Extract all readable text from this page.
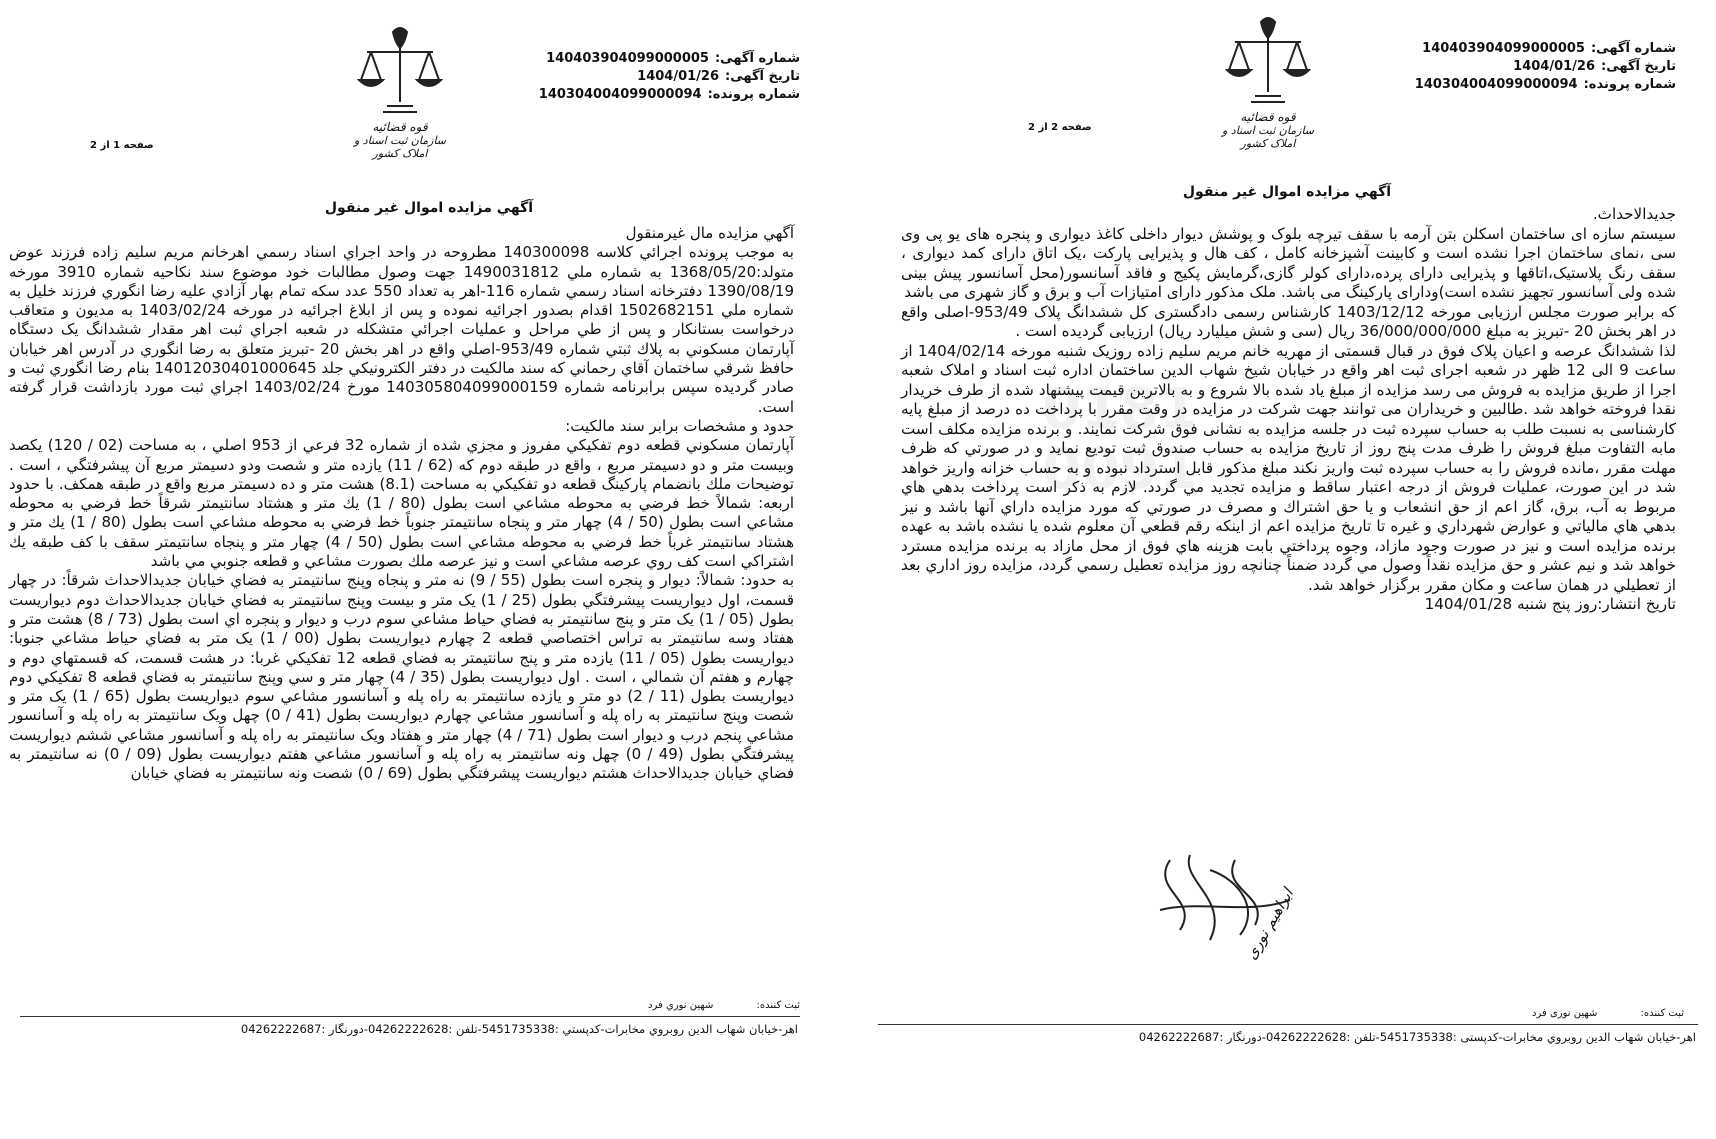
0181
0091
شماره آگهی:140403904099000005
تاریخ آگهی:1404/01/26
شماره پرونده:140304004099000094
قوه قضائیه
سازمان ثبت اسناد و املاک کشور
صفحه 2 از 2
آگهي مزايده اموال غير منقول

جدیدالاحداث.

سیستم سازه ای ساختمان اسکلن بتن آرمه با سقف تیرچه بلوک و پوشش دیوار داخلی کاغذ دیواری و پنجره های یو پی وی سی ،نمای ساختمان اجرا نشده است و کابینت آشپزخانه کامل ، کف هال و پذیرایی پارکت ،یک اتاق دارای کمد دیواری ، سقف رنگ پلاستیک،اتاقها و پذیرایی دارای پرده،دارای کولر گازی،گرمایش پکیج و فاقد آسانسور(محل آسانسور پیش بینی شده ولی آسانسور تجهیز نشده است)ودارای پارکینگ می باشد. ملک مذکور دارای امتیازات آب و برق و گاز شهری می باشد

که برابر صورت مجلس ارزیابی مورخه 1403/12/12 کارشناس رسمی دادگستری کل ششدانگ پلاک 953/49-اصلی واقع در اهر بخش 20 -تبریز به مبلغ 36/000/000/000 ریال (سی و شش میلیارد ریال) ارزیابی گردیده است .

لذا ششدانگ عرصه و اعیان پلاک فوق در قبال قسمتی از مهریه خانم مریم سلیم زاده روزیک شنبه مورخه 1404/02/14 از ساعت 9 الی 12 ظهر در شعبه اجرای ثبت اهر واقع در خیابان شیخ شهاب الدین ساختمان اداره ثبت اسناد و املاک شعبه اجرا از طریق مزایده به فروش می رسد مزایده از مبلغ یاد شده بالا شروع و به بالاترین قیمت پیشنهاد شده از طرف خریدار نقدا فروخته خواهد شد .طالبین و خریداران می توانند جهت شرکت در مزایده در وقت مقرر با پرداخت ده درصد از مبلغ پایه کارشناسی به نسبت طلب به حساب سپرده ثبت در جلسه مزایده به نشانی فوق شرکت نمایند. و برنده مزايده مكلف است مابه التفاوت مبلغ فروش را ظرف مدت پنج روز از تاريخ مزايده به حساب صندوق ثبت توديع نمايد و در صورتي كه ظرف مهلت مقرر ،مانده فروش را به حساب سپرده ثبت واريز نكند مبلغ مذكور قابل استرداد نبوده و به حساب خزانه واريز خواهد شد در اين صورت، عمليات فروش از درجه اعتبار ساقط و مزايده تجديد مي گردد. لازم به ذكر است پرداخت بدهي هاي مربوط به آب، برق، گاز اعم از حق انشعاب و يا حق اشتراك و مصرف در صورتي كه مورد مزايده داراي آنها باشد و نيز بدهي هاي مالياتي و عوارض شهرداري و غيره تا تاريخ مزايده اعم از اينكه رقم قطعي آن معلوم شده يا نشده باشد به عهده برنده مزايده است و نيز در صورت وجود مازاد، وجوه پرداختي بابت هزينه هاي فوق از محل مازاد به برنده مزايده مسترد خواهد شد و نيم عشر و حق مزايده نقداً وصول مي گردد ضمناً چنانچه روز مزايده تعطيل رسمي گردد، مزايده روز اداري بعد از تعطيلي در همان ساعت و مكان مقرر برگزار خواهد شد.

تاریخ انتشار:روز پنج شنبه 1404/01/28

ثبت کننده: شهین نوری فرد
اهر-خیابان شهاب الدین روبروي مخابرات-کدپستی :5451735338-تلفن :04262222628-دورنگار :04262222687
ابراهیم نوری
شماره آگهی:140403904099000005
تاریخ آگهی:1404/01/26
شماره پرونده:140304004099000094
قوه قضائیه
سازمان ثبت اسناد و املاک کشور
صفحه 1 از 2
آگهي مزايده اموال غير منقول

آگهي مزايده مال غيرمنقول

به موجب پرونده اجرائي كلاسه 140300098 مطروحه در واحد اجراي اسناد رسمي اهرخانم مريم سليم زاده فرزند عوض متولد:1368/05/20 به شماره ملي 1490031812 جهت وصول مطالبات خود موضوع سند نكاحيه شماره 3910 مورخه 1390/08/19 دفترخانه اسناد رسمي شماره 116-اهر به تعداد 550 عدد سكه تمام بهار آزادي عليه رضا انگوري فرزند خليل به شماره ملي 1502682151 اقدام بصدور اجرائيه نموده و پس از ابلاغ اجرائيه در مورخه 1403/02/24 به مديون و متعاقب درخواست بستانكار و پس از طي مراحل و عمليات اجرائي متشكله در شعبه اجراي ثبت اهر مقدار ششدانگ يک دستگاه آپارتمان مسكوني به پلاك ثبتي شماره 953/49-اصلي واقع در اهر بخش 20 -تبريز متعلق به رضا انگوري در آدرس اهر خيابان حافظ شرقي ساختمان آقاي رحماني كه سند مالكيت در دفتر الكترونيكي جلد 14012030401000645 بنام رضا انگوري ثبت و صادر گرديده سپس برابرنامه شماره 140305804099000159 مورخ 1403/02/24 اجراي ثبت مورد بازداشت قرار گرفته است.

حدود و مشخصات برابر سند مالكيت:

آپارتمان مسكوني قطعه دوم تفكيكي مفروز و مجزي شده از شماره 32 فرعي از 953 اصلي ، به مساحت (02 / 120) يكصد وبيست متر و دو دسيمتر مربع ، واقع در طبقه دوم كه (62 / 11) يازده متر و شصت ودو دسيمتر مربع آن پيشرفتگي ، است . توضيحات ملك بانضمام پاركينگ قطعه دو تفكيكي به مساحت (8.1) هشت متر و ده دسيمتر مربع واقع در طبقه همكف. با حدود اربعه: شمالاً خط فرضي به محوطه مشاعي است بطول (80 / 1) يك متر و هشتاد سانتيمتر شرقاً خط فرضي به محوطه مشاعي است بطول (50 / 4) چهار متر و پنجاه سانتيمتر جنوباً خط فرضي به محوطه مشاعي است بطول (80 / 1) يك متر و هشتاد سانتيمتر غرباً خط فرضي به محوطه مشاعي است بطول (50 / 4) چهار متر و پنجاه سانتيمتر سقف با كف طبقه يك اشتراكي است كف روي عرصه مشاعي است و نيز عرصه ملك بصورت مشاعي و قطعه جنوبي مي باشد

به حدود: شمالاً: ديوار و پنجره است بطول (55 / 9) نه متر و پنجاه وپنج سانتيمتر به فضاي خيابان جديدالاحداث شرقاً: در چهار قسمت، اول ديواريست پيشرفتگي بطول (25 / 1) يک متر و بيست وپنج سانتيمتر به فضاي خيابان جديدالاحداث دوم ديواريست بطول (05 / 1) يک متر و پنج سانتيمتر به فضاي حياط مشاعي سوم درب و ديوار و پنجره اي است بطول (73 / 8) هشت متر و هفتاد وسه سانتيمتر به تراس اختصاصي قطعه 2 چهارم ديواريست بطول (00 / 1) يک متر به فضاي حياط مشاعي جنوبا: ديواريست بطول (05 / 11) يازده متر و پنج سانتيمتر به فضاي قطعه 12 تفكيكي غربا: در هشت قسمت، كه قسمتهاي دوم و چهارم و هفتم آن شمالي ، است . اول ديواريست بطول (35 / 4) چهار متر و سي وپنج سانتيمتر به فضاي قطعه 8 تفكيكي دوم ديواريست بطول (11 / 2) دو متر و يازده سانتيمتر به راه پله و آسانسور مشاعي سوم ديواريست بطول (65 / 1) يک متر و شصت وپنج سانتيمتر به راه پله و آسانسور مشاعي چهارم ديواريست بطول (41 / 0) چهل ويک سانتيمتر به راه پله و آسانسور مشاعي پنجم درب و ديوار است بطول (71 / 4) چهار متر و هفتاد ويک سانتيمتر به راه پله و آسانسور مشاعي ششم ديواريست پيشرفتگي بطول (49 / 0) چهل ونه سانتيمتر به راه پله و آسانسور مشاعي هفتم ديواريست بطول (09 / 0) نه سانتيمتر به فضاي خيابان جديدالاحداث هشتم ديواريست پيشرفتگي بطول (69 / 0) شصت ونه سانتيمتر به فضاي خيابان

ثبت كننده: شهين نوري فرد
اهر-خيابان شهاب الدين روبروي مخابرات-كدپستي :5451735338-تلفن :04262222628-دورنگار :04262222687
